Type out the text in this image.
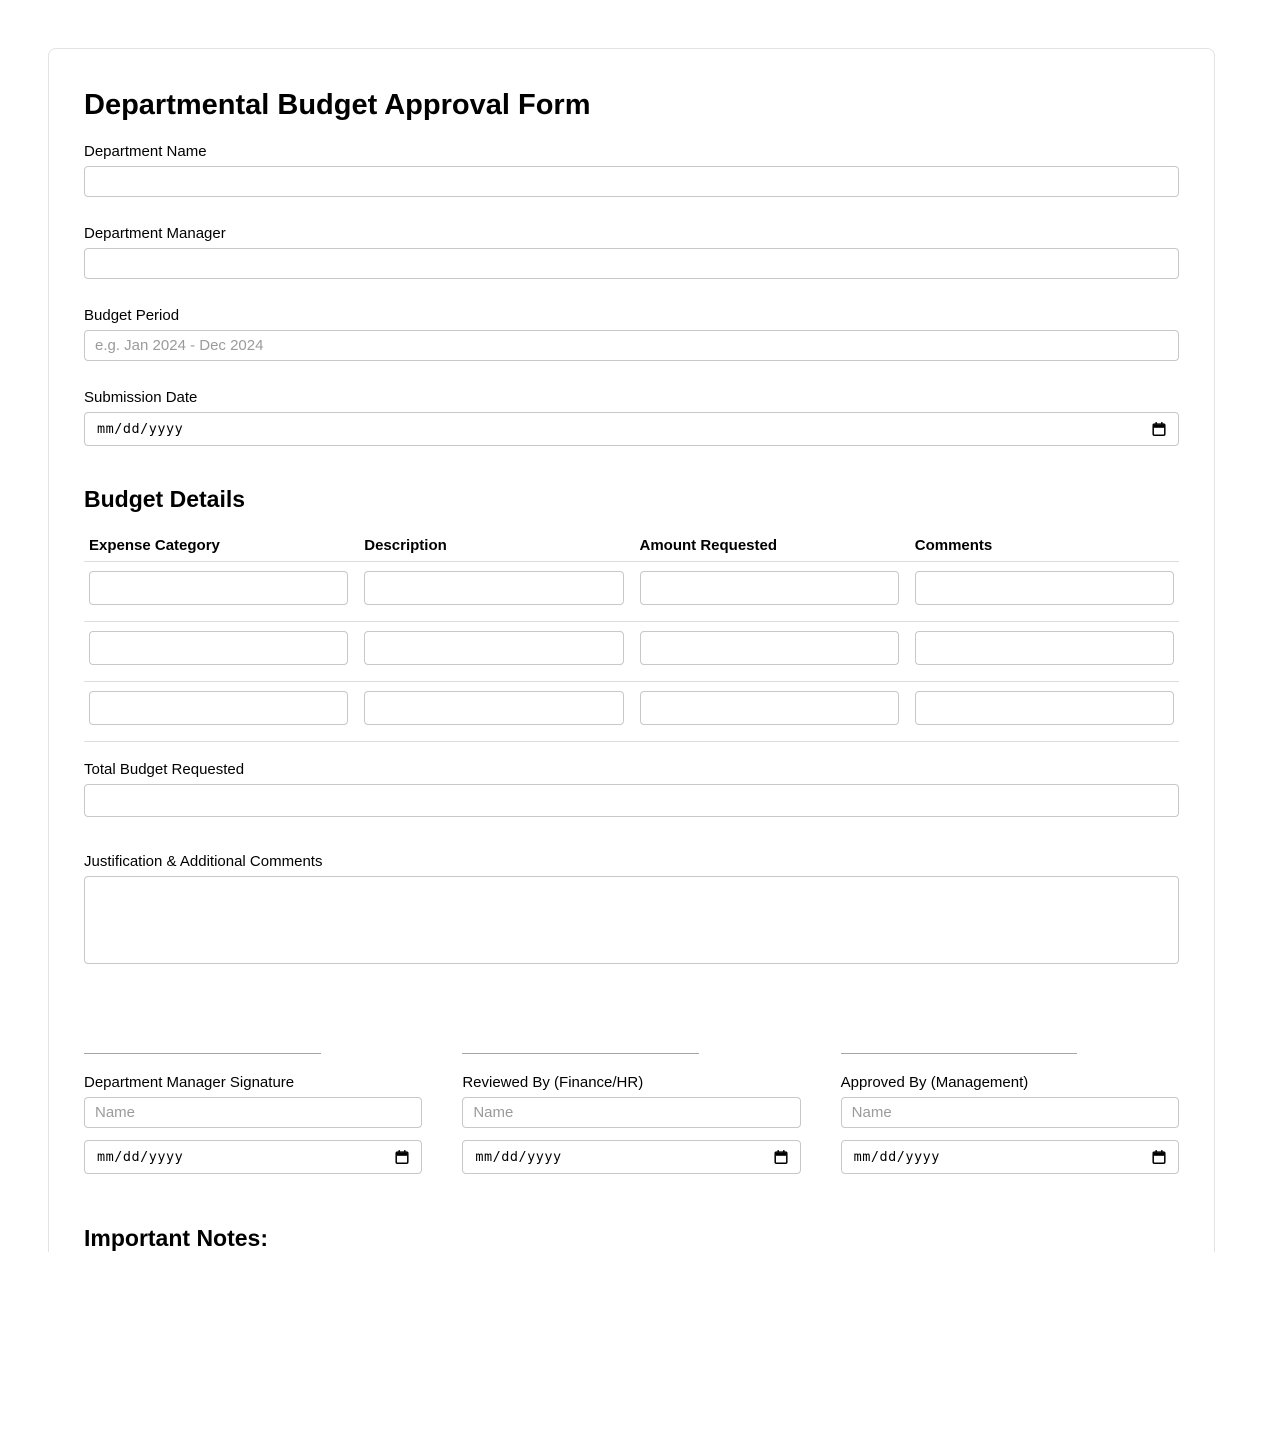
Departmental Budget Approval Form
Department Name
Department Manager
Budget Period
e.g. Jan 2024 - Dec 2024
Submission Date
mm/dd/yyyy
Budget Details
Expense Category	Description	Amount Requested	Comments
Total Budget Requested
Justification & Additional Comments
Department Manager Signature
Name
mm/dd/yyyy
Reviewed By (Finance/HR)
Name
mm/dd/yyyy
Approved By (Management)
Name
mm/dd/yyyy
Important Notes:
